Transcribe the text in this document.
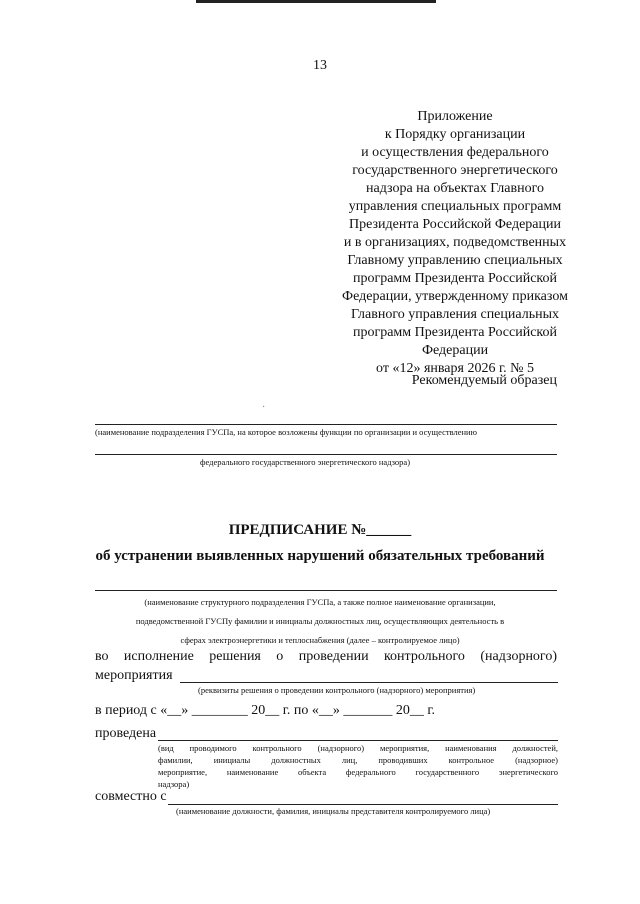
13
Приложение
к Порядку организации
и осуществления федерального
государственного энергетического
надзора на объектах Главного
управления специальных программ
Президента Российской Федерации
и в организациях, подведомственных
Главному управлению специальных
программ Президента Российской
Федерации, утвержденному приказом
Главного управления специальных
программ Президента Российской
Федерации
от «12» января 2026 г. № 5
Рекомендуемый образец
·
(наименование подразделения ГУСПа, на которое возложены функции по организации и осуществлению
федерального государственного энергетического надзора)
ПРЕДПИСАНИЕ №______
об устранении выявленных нарушений обязательных требований
(наименование структурного подразделения ГУСПа, а также полное наименование организации,
подведомственной ГУСПу фамилии и инициалы должностных лиц, осуществляющих деятельность в
сферах электроэнергетики и теплоснабжения (далее – контролируемое лицо)
во исполнение решения о проведении контрольного (надзорного)
мероприятия
(реквизиты решения о проведении контрольного (надзорного) мероприятия)
в период с «__» ________ 20__ г. по «__» _______ 20__ г.
проведена
(вид проводимого контрольного (надзорного) мероприятия, наименования должностей,
фамилии, инициалы должностных лиц, проводивших контрольное (надзорное)
мероприятие, наименование объекта федерального государственного энергетического
надзора)
совместно с
(наименование должности, фамилия, инициалы представителя контролируемого лица)
